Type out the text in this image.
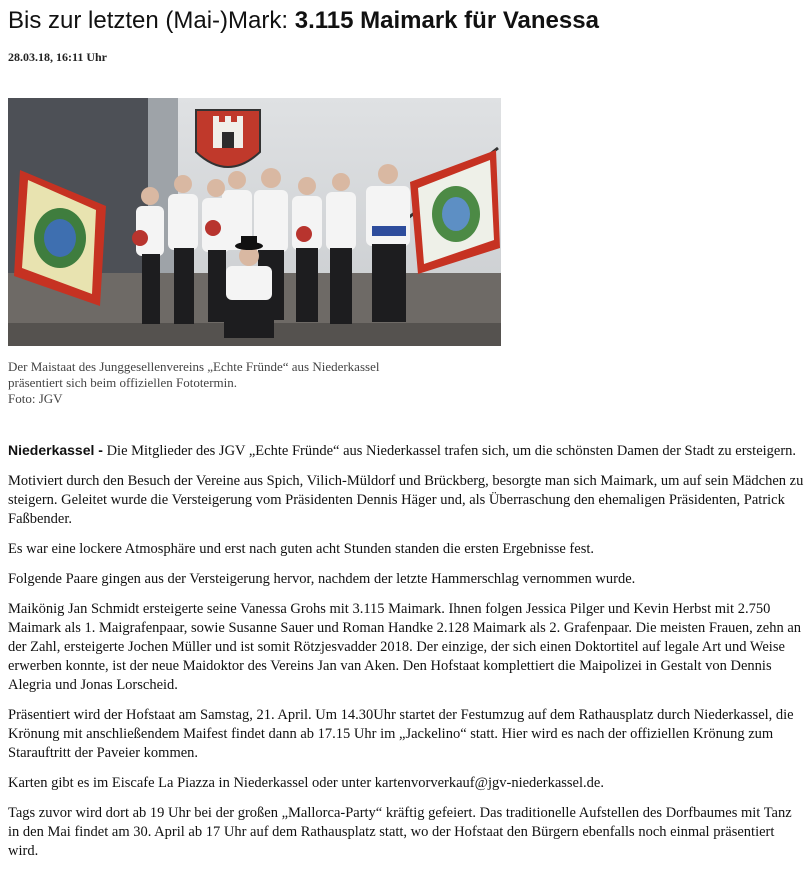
Bis zur letzten (Mai-)Mark: 3.115 Maimark für Vanessa
28.03.18, 16:11 Uhr
Der Maistaat des Junggesellenvereins „Echte Fründe“ aus Niederkassel
präsentiert sich beim offiziellen Fototermin.
Foto: JGV

Niederkassel - Die Mitglieder des JGV „Echte Fründe“ aus Niederkassel trafen sich, um die schönsten Damen der Stadt zu ersteigern.

Motiviert durch den Besuch der Vereine aus Spich, Vilich-Müldorf und Brückberg, besorgte man sich Maimark, um auf sein Mädchen zu steigern. Geleitet wurde die Versteigerung vom Präsidenten Dennis Häger und, als Überraschung den ehemaligen Präsidenten, Patrick Faßbender.

Es war eine lockere Atmosphäre und erst nach guten acht Stunden standen die ersten Ergebnisse fest.

Folgende Paare gingen aus der Versteigerung hervor, nachdem der letzte Hammerschlag vernommen wurde.

Maikönig Jan Schmidt ersteigerte seine Vanessa Grohs mit 3.115 Maimark. Ihnen folgen Jessica Pilger und Kevin Herbst mit 2.750 Maimark als 1. Maigrafenpaar, sowie Susanne Sauer und Roman Handke 2.128 Maimark als 2. Grafenpaar. Die meisten Frauen, zehn an der Zahl, ersteigerte Jochen Müller und ist somit Rötzjesvadder 2018. Der einzige, der sich einen Doktortitel auf legale Art und Weise erwerben konnte, ist der neue Maidoktor des Vereins Jan van Aken. Den Hofstaat komplettiert die Maipolizei in Gestalt von Dennis Alegria und Jonas Lorscheid.

Präsentiert wird der Hofstaat am Samstag, 21. April. Um 14.30Uhr startet der Festumzug auf dem Rathausplatz durch Niederkassel, die Krönung mit anschließendem Maifest findet dann ab 17.15 Uhr im „Jackelino“ statt. Hier wird es nach der offiziellen Krönung zum Starauftritt der Paveier kommen.

Karten gibt es im Eiscafe La Piazza in Niederkassel oder unter kartenvorverkauf@jgv-niederkassel.de.

Tags zuvor wird dort ab 19 Uhr bei der großen „Mallorca-Party“ kräftig gefeiert. Das traditionelle Aufstellen des Dorfbaumes mit Tanz in den Mai findet am 30. April ab 17 Uhr auf dem Rathausplatz statt, wo der Hofstaat den Bürgern ebenfalls noch einmal präsentiert wird.
